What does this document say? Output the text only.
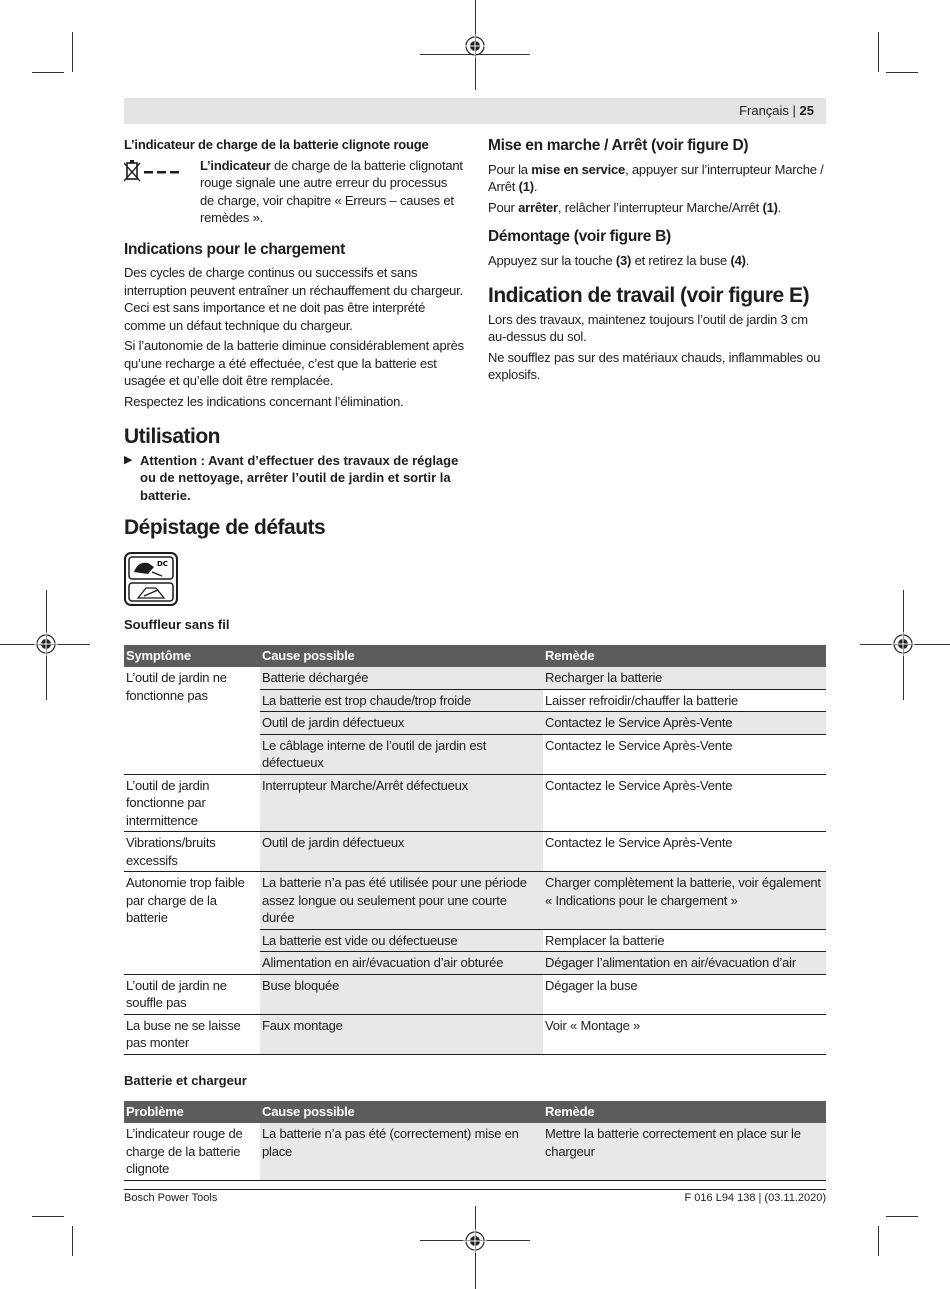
Français | 25
L’indicateur de charge de la batterie clignote rouge

L’indicateur de charge de la batterie clignotant rouge signale une autre erreur du processus de charge, voir chapitre « Erreurs – causes et remèdes ».

Indications pour le chargement

Des cycles de charge continus ou successifs et sans interruption peuvent entraîner un réchauffement du chargeur. Ceci est sans importance et ne doit pas être interprété comme un défaut technique du chargeur.

Si l’autonomie de la batterie diminue considérablement après qu’une recharge a été effectuée, c’est que la batterie est usagée et qu’elle doit être remplacée.

Respectez les indications concernant l’élimination.

Utilisation
▶ Attention : Avant d’effectuer des travaux de réglage ou de nettoyage, arrêter l’outil de jardin et sortir la batterie.
Mise en marche / Arrêt (voir figure D)

Pour la mise en service, appuyer sur l’interrupteur Marche / Arrêt (1).

Pour arrêter, relâcher l’interrupteur Marche/Arrêt (1).

Démontage (voir figure B)

Appuyez sur la touche (3) et retirez la buse (4).

Indication de travail (voir figure E)

Lors des travaux, maintenez toujours l’outil de jardin 3 cm au-dessus du sol.

Ne soufflez pas sur des matériaux chauds, inflammables ou explosifs.

Dépistage de défauts
DC
Souffleur sans fil
Symptôme	Cause possible	Remède
L’outil de jardin ne fonctionne pas	Batterie déchargée	Recharger la batterie
	La batterie est trop chaude/trop froide	Laisser refroidir/chauffer la batterie
	Outil de jardin défectueux	Contactez le Service Après-Vente
	Le câblage interne de l’outil de jardin est défectueux	Contactez le Service Après-Vente
L’outil de jardin fonctionne par intermittence	Interrupteur Marche/Arrêt défectueux	Contactez le Service Après-Vente
Vibrations/bruits excessifs	Outil de jardin défectueux	Contactez le Service Après-Vente
Autonomie trop faible par charge de la batterie	La batterie n’a pas été utilisée pour une période assez longue ou seulement pour une courte durée	Charger complètement la batterie, voir également « Indications pour le chargement »
	La batterie est vide ou défectueuse	Remplacer la batterie
	Alimentation en air/évacuation d’air obturée	Dégager l’alimentation en air/évacuation d’air
L’outil de jardin ne souffle pas	Buse bloquée	Dégager la buse
La buse ne se laisse pas monter	Faux montage	Voir « Montage »
Batterie et chargeur
Problème	Cause possible	Remède
L’indicateur rouge de charge de la batterie clignote	La batterie n’a pas été (correctement) mise en place	Mettre la batterie correctement en place sur le chargeur
Bosch Power Tools	F 016 L94 138 | (03.11.2020)
